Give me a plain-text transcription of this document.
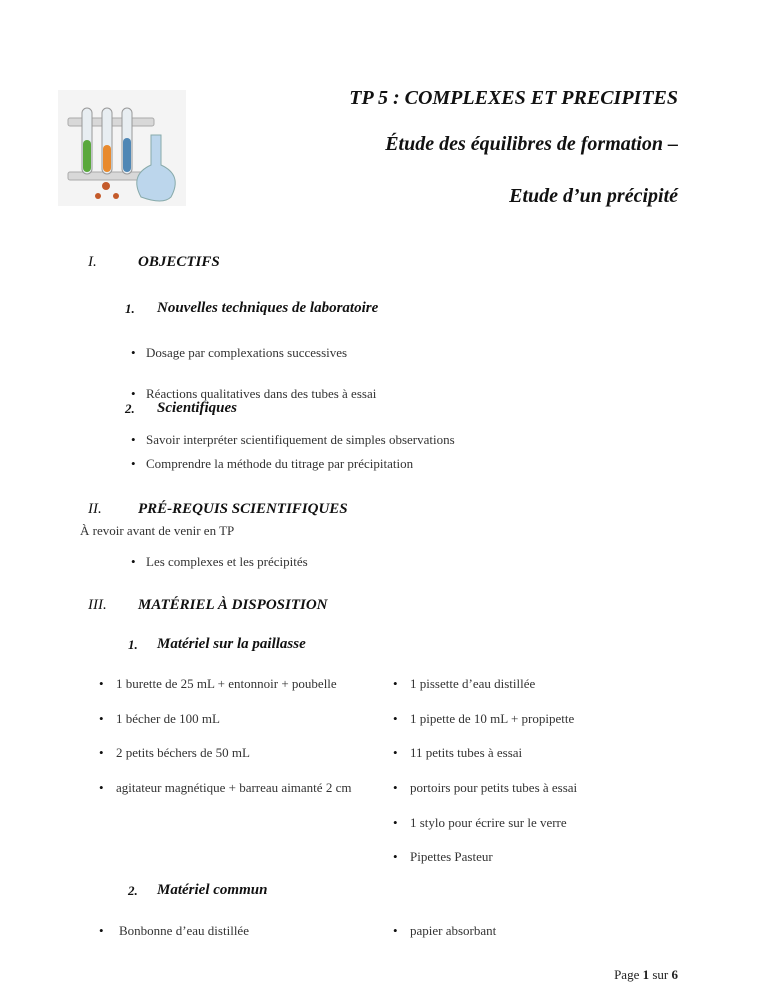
TP 5 : COMPLEXES ET PRECIPITES
Étude des équilibres de formation –
Etude d’un précipité
I.	OBJECTIFS
1. Nouvelles techniques de laboratoire
• Dosage par complexations successives
• Réactions qualitatives dans des tubes à essai
2. Scientifiques
• Savoir interpréter scientifiquement de simples observations
• Comprendre la méthode du titrage par précipitation
II. PRÉ-REQUIS SCIENTIFIQUES
À revoir avant de venir en TP
• Les complexes et les précipités
III. MATÉRIEL À DISPOSITION
1. Matériel sur la paillasse
• 1 burette de 25 mL + entonnoir + poubelle
• 1 bécher de 100 mL
• 2 petits béchers de 50 mL
• agitateur magnétique + barreau aimanté 2 cm
• 1 pissette d’eau distillée
• 1 pipette de 10 mL + propipette
• 11 petits tubes à essai
• portoirs pour petits tubes à essai
• 1 stylo pour écrire sur le verre
• Pipettes Pasteur
2. Matériel commun
• Bonbonne d’eau distillée	• papier absorbant
Page 1 sur 6
